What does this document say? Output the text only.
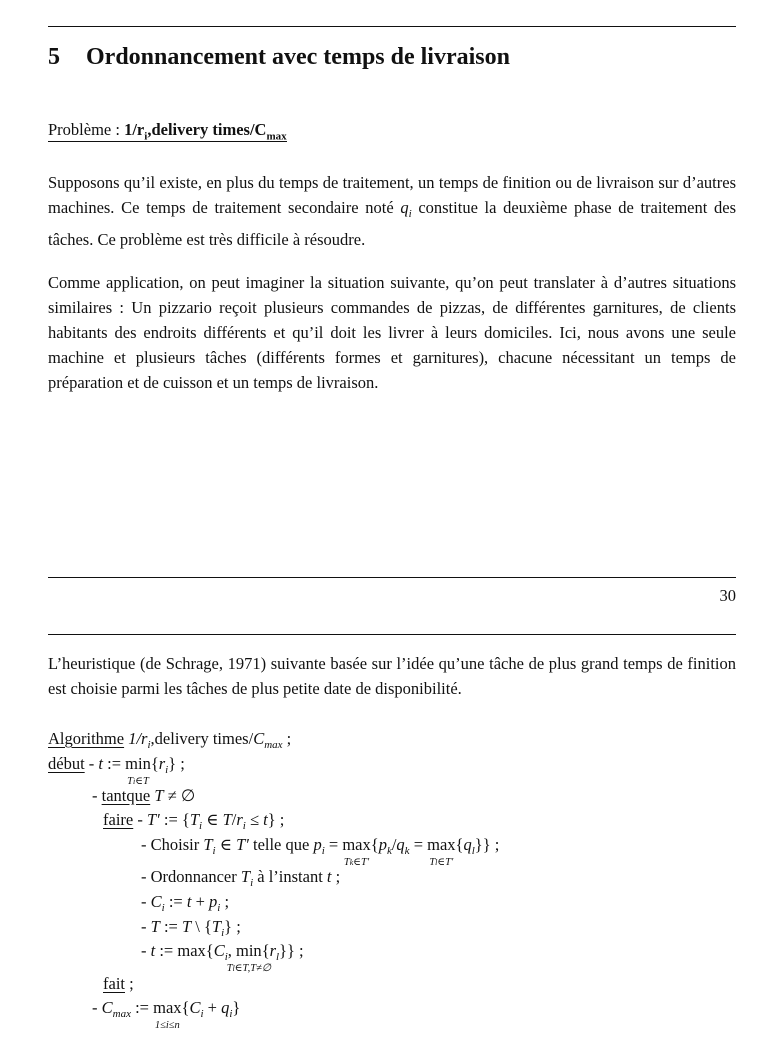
5 Ordonnancement avec temps de livraison
Problème : $1/r_i,delivery$ times/$C_{max}$

Supposons qu’il existe, en plus du temps de traitement, un temps de finition ou de livraison sur d’autres machines. Ce temps de traitement secondaire noté $q_i$ constitue la deuxième phase de traitement des tâches. Ce problème est très difficile à résoudre.

Comme application, on peut imaginer la situation suivante, qu’on peut translater à d’autres situations similaires : Un pizzario reçoit plusieurs commandes de pizzas, de différentes garnitures, de clients habitants des endroits différents et qu’il doit les livrer à leurs domiciles. Ici, nous avons une seule machine et plusieurs tâches (différents formes et garnitures), chacune nécessitant un temps de préparation et de cuisson et un temps de livraison.

30

L’heuristique (de Schrage, 1971) suivante basée sur l’idée qu’une tâche de plus grand temps de finition est choisie parmi les tâches de plus petite date de disponibilité.

Algorithme $1/r_i,delivery$ times/$C_{max}$ ;
début - t := min
Ti∈T
$\{r_i\}$ ;
- tantque T ≠ ∅
faire - T′ := {$T_i$ ∈ $T/r_i \le t$} ;
- Choisir $T_i$ ∈ T′ telle que $p_i = \max$
Tk∈T′
{$p_k/q_k = \max$
Tl∈T′
$\{q_l\}$} ;
- Ordonnancer $T_i$ à l’instant t ;
- $C_i$ := $t + p_i$ ;
- T := T \ $\{T_i\}$ ;
- t := $\max\{C_i$, min
Tl∈T,T≠∅
$\{r_l\}$} ;
fait ;
- $C_{max}$ := max
1≤i≤n
$\{C_i + q_i\}$
